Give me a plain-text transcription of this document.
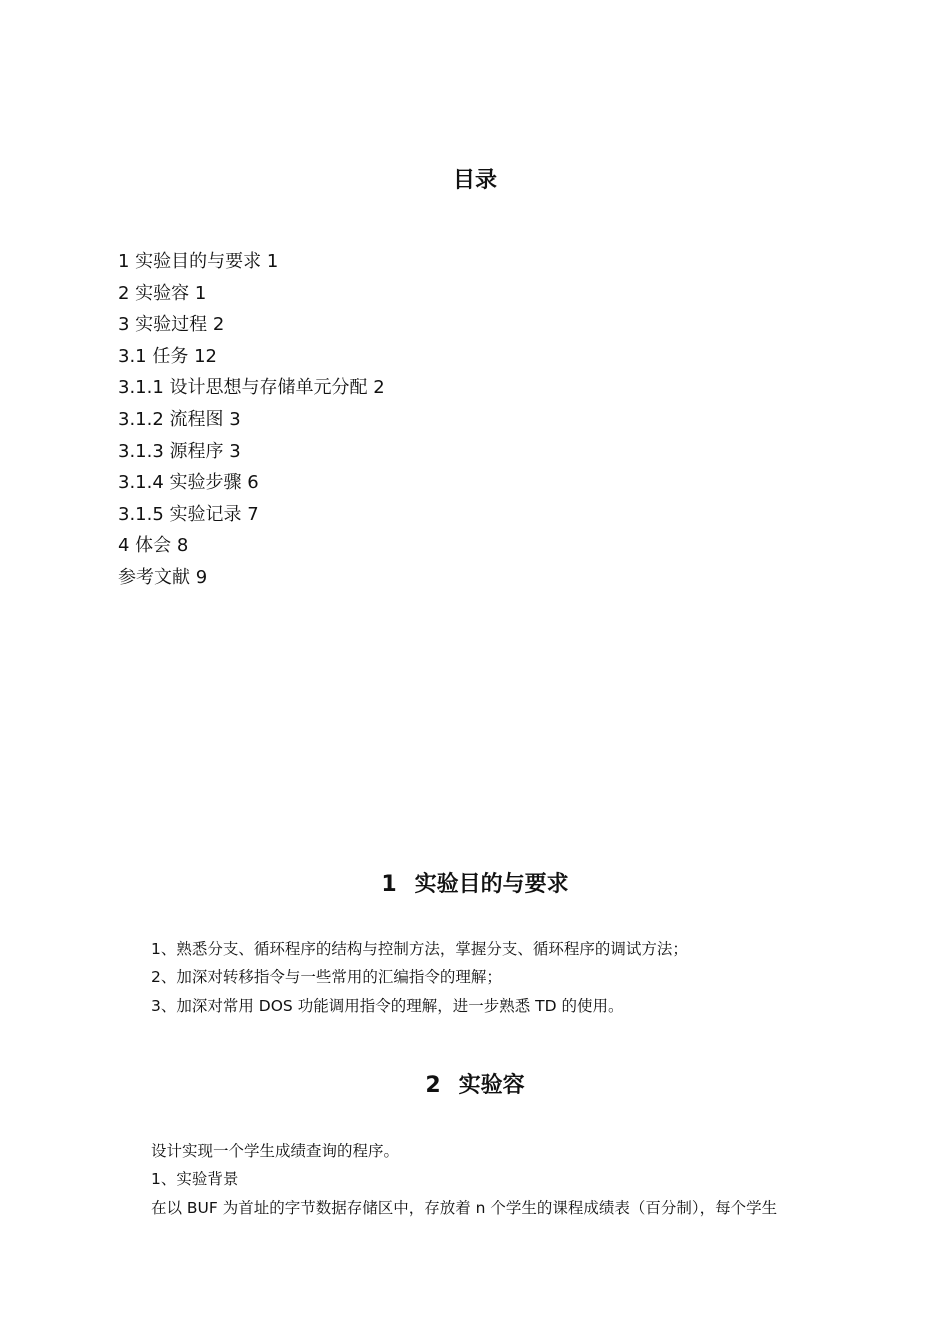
目录
1 实验目的与要求 1
2 实验容 1
3 实验过程 2
3.1 任务 12
3.1.1 设计思想与存储单元分配 2
3.1.2 流程图 3
3.1.3 源程序 3
3.1.4 实验步骤 6
3.1.5 实验记录 7
4 体会 8
参考文献 9
1 实验目的与要求
1、熟悉分支、循环程序的结构与控制方法，掌握分支、循环程序的调试方法；
2、加深对转移指令与一些常用的汇编指令的理解；
3、加深对常用 DOS 功能调用指令的理解，进一步熟悉 TD 的使用。
2 实验容
设计实现一个学生成绩查询的程序。
1、实验背景
在以 BUF 为首址的字节数据存储区中，存放着 n 个学生的课程成绩表（百分制），每个学生
